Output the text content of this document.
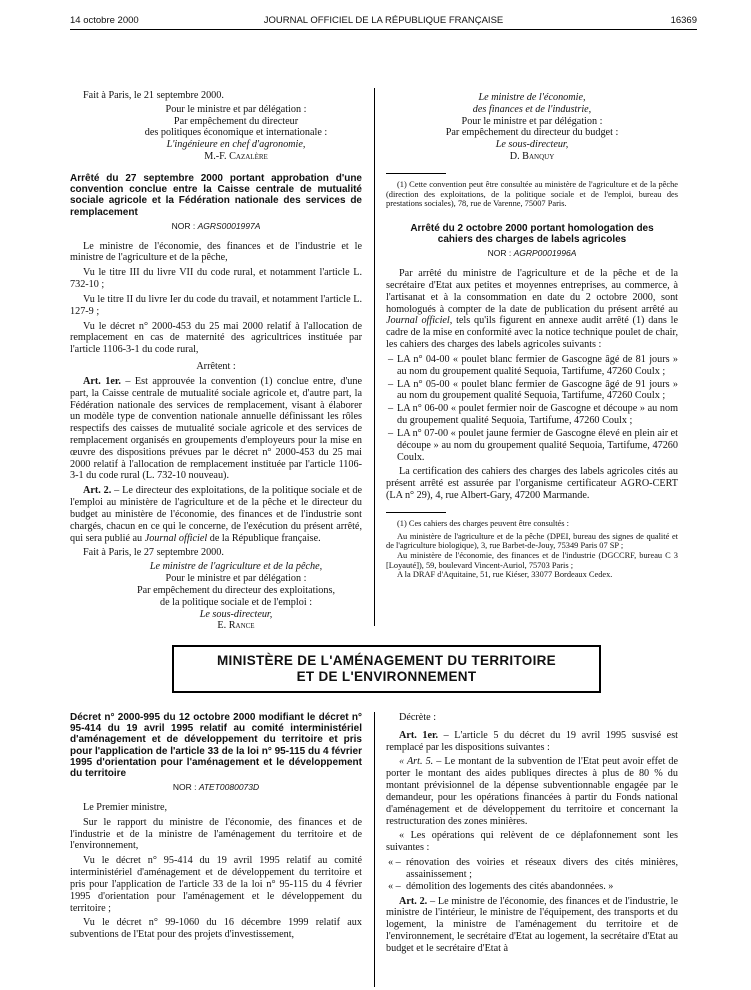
14 octobre 2000	JOURNAL OFFICIEL DE LA RÉPUBLIQUE FRANÇAISE	16369

Fait à Paris, le 21 septembre 2000.

Pour le ministre et par délégation :

Par empêchement du directeur

des politiques économique et internationale :

L'ingénieure en chef d'agronomie,

M.-F. Cazalère

Arrêté du 27 septembre 2000 portant approbation d'une convention conclue entre la Caisse centrale de mutualité sociale agricole et la Fédération nationale des services de remplacement
NOR : AGRS0001997A

Le ministre de l'économie, des finances et de l'industrie et le ministre de l'agriculture et de la pêche,

Vu le titre III du livre VII du code rural, et notamment l'article L. 732-10 ;

Vu le titre II du livre Ier du code du travail, et notamment l'article L. 127-9 ;

Vu le décret n° 2000-453 du 25 mai 2000 relatif à l'allocation de remplacement en cas de maternité des agricultrices instituée par l'article 1106-3-1 du code rural,

Arrêtent :

Art. 1er. – Est approuvée la convention (1) conclue entre, d'une part, la Caisse centrale de mutualité sociale agricole et, d'autre part, la Fédération nationale des services de remplacement, visant à élaborer un modèle type de convention nationale annuelle définissant les rôles respectifs des caisses de mutualité sociale agricole et des services de remplacement organisés en groupements d'employeurs pour la mise en œuvre des dispositions prévues par le décret n° 2000-453 du 25 mai 2000 relatif à l'allocation de remplacement instituée par l'article 1106-3-1 du code rural (L. 732-10 nouveau).

Art. 2. – Le directeur des exploitations, de la politique sociale et de l'emploi au ministère de l'agriculture et de la pêche et le directeur du budget au ministère de l'économie, des finances et de l'industrie sont chargés, chacun en ce qui le concerne, de l'exécution du présent arrêté, qui sera publié au Journal officiel de la République française.

Fait à Paris, le 27 septembre 2000.

Le ministre de l'agriculture et de la pêche,

Pour le ministre et par délégation :

Par empêchement du directeur des exploitations,

de la politique sociale et de l'emploi :

Le sous-directeur,

E. Rance

Le ministre de l'économie,

des finances et de l'industrie,

Pour le ministre et par délégation :

Par empêchement du directeur du budget :

Le sous-directeur,

D. Banquy

(1) Cette convention peut être consultée au ministère de l'agriculture et de la pêche (direction des exploitations, de la politique sociale et de l'emploi, bureau des prestations sociales), 78, rue de Varenne, 75007 Paris.

Arrêté du 2 octobre 2000 portant homologation des cahiers des charges de labels agricoles
NOR : AGRP0001996A

Par arrêté du ministre de l'agriculture et de la pêche et de la secrétaire d'Etat aux petites et moyennes entreprises, au commerce, à l'artisanat et à la consommation en date du 2 octobre 2000, sont homologués à compter de la date de publication du présent arrêté au Journal officiel, tels qu'ils figurent en annexe audit arrêté (1) dans le cadre de la mise en conformité avec la notice technique poulet de chair, les cahiers des charges des labels agricoles suivants :

– LA n° 04-00 « poulet blanc fermier de Gascogne âgé de 81 jours » au nom du groupement qualité Sequoia, Tartifume, 47260 Coulx ;
– LA n° 05-00 « poulet blanc fermier de Gascogne âgé de 91 jours » au nom du groupement qualité Sequoia, Tartifume, 47260 Coulx ;
– LA n° 06-00 « poulet fermier noir de Gascogne et découpe » au nom du groupement qualité Sequoia, Tartifume, 47260 Coulx ;
– LA n° 07-00 « poulet jaune fermier de Gascogne élevé en plein air et découpe » au nom du groupement qualité Sequoia, Tartifume, 47260 Coulx.

La certification des cahiers des charges des labels agricoles cités au présent arrêté est assurée par l'organisme certificateur AGRO-CERT (LA n° 29), 4, rue Albert-Gary, 47200 Marmande.

(1) Ces cahiers des charges peuvent être consultés :

Au ministère de l'agriculture et de la pêche (DPEI, bureau des signes de qualité et de l'agriculture biologique), 3, rue Barbet-de-Jouy, 75349 Paris 07 SP ;

Au ministère de l'économie, des finances et de l'industrie (DGCCRF, bureau C 3 [Loyauté]), 59, boulevard Vincent-Auriol, 75703 Paris ;

A la DRAF d'Aquitaine, 51, rue Kiéser, 33077 Bordeaux Cedex.

MINISTÈRE DE L'AMÉNAGEMENT DU TERRITOIRE
ET DE L'ENVIRONNEMENT
Décret n° 2000-995 du 12 octobre 2000 modifiant le décret n° 95-414 du 19 avril 1995 relatif au comité interministériel d'aménagement et de développement du territoire et pris pour l'application de l'article 33 de la loi n° 95-115 du 4 février 1995 d'orientation pour l'aménagement et le développement du territoire
NOR : ATET0080073D

Le Premier ministre,

Sur le rapport du ministre de l'économie, des finances et de l'industrie et de la ministre de l'aménagement du territoire et de l'environnement,

Vu le décret n° 95-414 du 19 avril 1995 relatif au comité interministériel d'aménagement et de développement du territoire et pris pour l'application de l'article 33 de la loi n° 95-115 du 4 février 1995 d'orientation pour l'aménagement et le développement du territoire ;

Vu le décret n° 99-1060 du 16 décembre 1999 relatif aux subventions de l'Etat pour des projets d'investissement,

Décrète :

Art. 1er. – L'article 5 du décret du 19 avril 1995 susvisé est remplacé par les dispositions suivantes :

« Art. 5. – Le montant de la subvention de l'Etat peut avoir effet de porter le montant des aides publiques directes à plus de 80 % du montant prévisionnel de la dépense subventionnable engagée par le demandeur, pour les opérations financées à partir du Fonds national d'aménagement et de développement du territoire et concernant la restructuration des zones minières.

« Les opérations qui relèvent de ce déplafonnement sont les suivantes :

« – rénovation des voiries et réseaux divers des cités minières, assainissement ;
« – démolition des logements des cités abandonnées. »

Art. 2. – Le ministre de l'économie, des finances et de l'industrie, le ministre de l'intérieur, le ministre de l'équipement, des transports et du logement, la ministre de l'aménagement du territoire et de l'environnement, le secrétaire d'Etat au logement, la secrétaire d'Etat au budget et le secrétaire d'Etat à
